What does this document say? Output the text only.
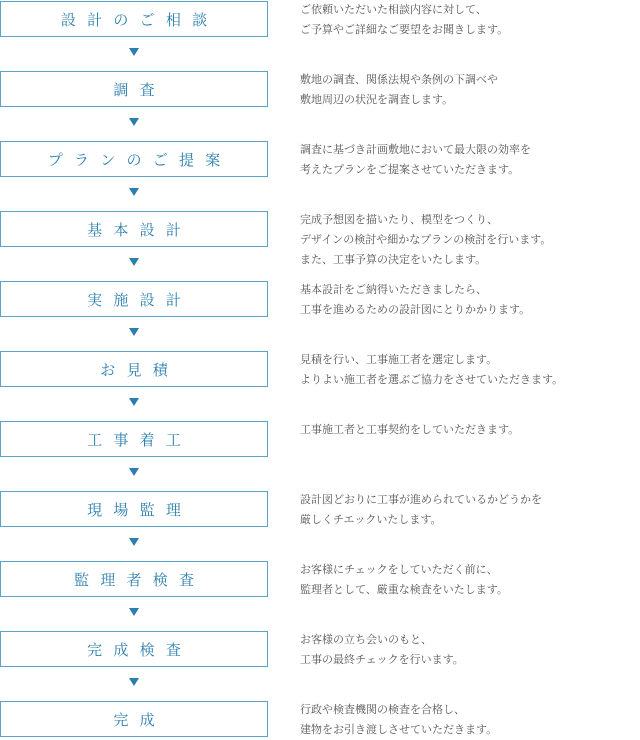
設計のご相談
ご依頼いただいた相談内容に対して、
ご予算やご詳細なご要望をお聞きします。
調査
敷地の調査、関係法規や条例の下調べや
敷地周辺の状況を調査します。
プランのご提案
調査に基づき計画敷地において最大限の効率を
考えたプランをご提案させていただきます。
基本設計
完成予想図を描いたり、模型をつくり、
デザインの検討や細かなプランの検討を行います。
また、工事予算の決定をいたします。
実施設計
基本設計をご納得いただきましたら、
工事を進めるための設計図にとりかかります。
お見積
見積を行い、工事施工者を選定します。
よりよい施工者を選ぶご協力をさせていただきます。
工事着工
工事施工者と工事契約をしていただきます。
現場監理
設計図どおりに工事が進められているかどうかを
厳しくチエックいたします。
監理者検査
お客様にチェックをしていただく前に、
監理者として、厳重な検査をいたします。
完成検査
お客様の立ち会いのもと、
工事の最終チェックを行います。
完成
行政や検査機関の検査を合格し、
建物をお引き渡しさせていただきます。
